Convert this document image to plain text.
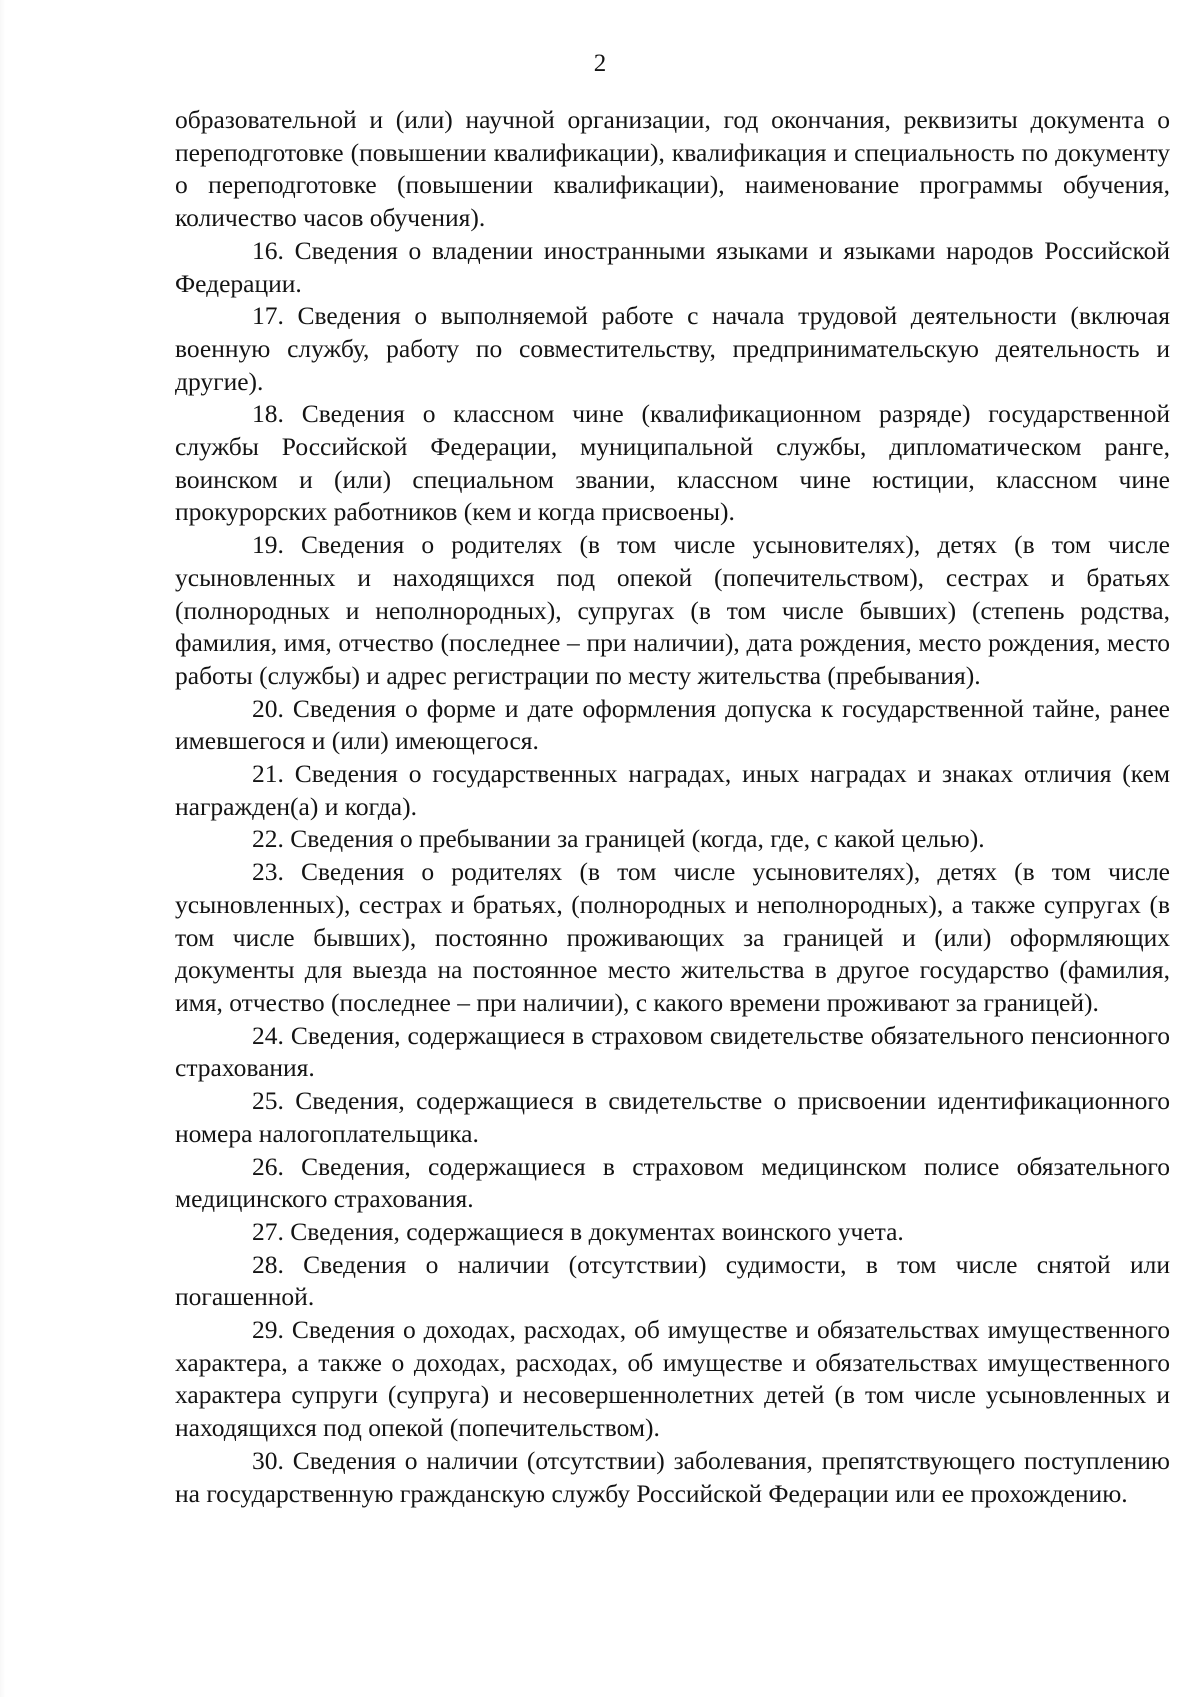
2

образовательной и (или) научной организации, год окончания, реквизиты документа о переподготовке (повышении квалификации), квалификация и специальность по документу о переподготовке (повышении квалификации), наименование программы обучения, количество часов обучения).

16. Сведения о владении иностранными языками и языками народов Российской Федерации.

17. Сведения о выполняемой работе с начала трудовой деятельности (включая военную службу, работу по совместительству, предпринимательскую деятельность и другие).

18. Сведения о классном чине (квалификационном разряде) государственной службы Российской Федерации, муниципальной службы, дипломатическом ранге, воинском и (или) специальном звании, классном чине юстиции, классном чине прокурорских работников (кем и когда присвоены).

19. Сведения о родителях (в том числе усыновителях), детях (в том числе усыновленных и находящихся под опекой (попечительством), сестрах и братьях (полнородных и неполнородных), супругах (в том числе бывших) (степень родства, фамилия, имя, отчество (последнее – при наличии), дата рождения, место рождения, место работы (службы) и адрес регистрации по месту жительства (пребывания).

20. Сведения о форме и дате оформления допуска к государственной тайне, ранее имевшегося и (или) имеющегося.

21. Сведения о государственных наградах, иных наградах и знаках отличия (кем награжден(а) и когда).

22. Сведения о пребывании за границей (когда, где, с какой целью).

23. Сведения о родителях (в том числе усыновителях), детях (в том числе усыновленных), сестрах и братьях, (полнородных и неполнородных), а также супругах (в том числе бывших), постоянно проживающих за границей и (или) оформляющих документы для выезда на постоянное место жительства в другое государство (фамилия, имя, отчество (последнее – при наличии), с какого времени проживают за границей).

24. Сведения, содержащиеся в страховом свидетельстве обязательного пенсионного страхования.

25. Сведения, содержащиеся в свидетельстве о присвоении идентификационного номера налогоплательщика.

26. Сведения, содержащиеся в страховом медицинском полисе обязательного медицинского страхования.

27. Сведения, содержащиеся в документах воинского учета.

28. Сведения о наличии (отсутствии) судимости, в том числе снятой или погашенной.

29. Сведения о доходах, расходах, об имуществе и обязательствах имущественного характера, а также о доходах, расходах, об имуществе и обязательствах имущественного характера супруги (супруга) и несовершеннолетних детей (в том числе усыновленных и находящихся под опекой (попечительством).

30. Сведения о наличии (отсутствии) заболевания, препятствующего поступлению на государственную гражданскую службу Российской Федерации или ее прохождению.
